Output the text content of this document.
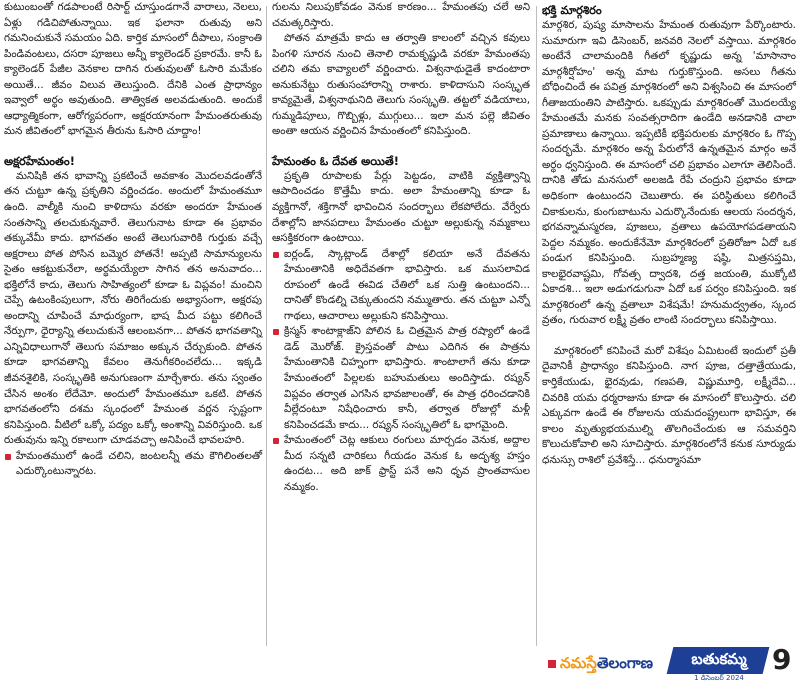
కుటుంబంతో గడపాలంటే రిసార్ట్ చూస్తుండగానే వారాలు, నెలలు, ఏళ్లు గడిచిపోతున్నాయి. ఇక ఫలానా రుతువు అని గమనించుకునే సమయం ఏది. కార్తిక మాసంలో దీపాలు, సంక్రాంతి పిండివంటలు, దసరా పూజలు అన్నీ క్యాలెండర్ ప్రకారమే. కానీ ఓ క్యాలెండర్ పేజీల వెనకాల దాగిన రుతువులతో ఓసారి మమేకం అయితే... జీవం విలువ తెలుస్తుంది. దేనికి ఎంత ప్రాధాన్యం ఇవ్వాలో అర్థం అవుతుంది. తాత్వికత అలవడుతుంది. అందుకే ఆధ్యాత్మికంగా, ఆరోగ్యపరంగా, అక్షరయానంగా హేమంతరుతువు మన జీవితంలో భాగమైన తీరును ఓసారి చూద్దాం!

అక్షరహేమంతం!

మనిషికి తన భావాన్ని ప్రకటించే అవకాశం మొదలవడంతోనే తన చుట్టూ ఉన్న ప్రకృతిని వర్ణించడం. అందులో హేమంతమూ ఉంది. వాల్మీకి నుంచి కాళిదాసు వరకూ అందరూ హేమంత సంతసాన్ని తలచుకున్నవారే. తెలుగునాట కూడా ఈ ప్రభావం తక్కువేమీ కాదు. భాగవతం అంటే తెలుగువారికి గుర్తుకు వచ్చే అక్షరాలు పోత పోసిన బమ్మెర పోతనే! అప్పటి సామాన్యులను సైతం ఆకట్టుకునేలా, అర్థమయ్యేలా సాగిన తన అనువాదం... భక్తిలోనే కాదు, తెలుగు సాహిత్యంలో కూడా ఓ విప్లవం! మంచిని చెప్పే ఉటంకింపులుగా, నోరు తిరిగేందుకు అభ్యాసంగా, అక్షరపు అందాన్ని చూపించే మాధుర్యంగా, భాష మీద పట్టు కలిగించే నేర్పుగా, ధైర్యాన్ని తలుచుకునే ఆలంబనగా... పోతన భాగవతాన్ని ఎన్నివిధాలుగానో తెలుగు సమాజం అక్కున చేర్చుకుంది. పోతన కూడా భాగవతాన్ని కేవలం తెనుగీకరించలేదు... ఇక్కడి జీవనశైలికి, సంస్కృతికి అనుగుణంగా మార్చేశారు. తను స్వంతం చేసిన అంశం లేదేమో. అందులో హేమంతమూ ఒకటి. పోతన భాగవతంలోని దశమ స్కంధంలో హేమంత వర్ణన స్పష్టంగా కనిపిస్తుంది. వీటిలో ఒక్కో పద్యం ఒక్కో అంశాన్ని వివరిస్తుంది. ఒక రుతువును ఇన్ని రకాలుగా చూడవచ్చా అనిపించే భావలహరి.

హేమంతములో ఉండే చలిని, జంటలన్నీ తమ కౌగిలింతలతో ఎదుర్కొంటున్నారట.

గులను నిలుపుకోవడం వెనుక కారణం... హేమంతపు చలే అని చమత్కరిస్తారు.

పోతన మాత్రమే కాదు ఆ తర్వాతి కాలంలో వచ్చిన కవులు పింగళి సూరన నుంచి తెనాలి రామకృష్ణుడి వరకూ హేమంతపు చలిని తమ కావ్యాలలో వర్ణించారు. విశ్వనాథుడైతే కాదంటారా అనుకునేట్టు రుతుసంహారాన్ని రాశారు. కాళిదాసుని సంస్కృత కావ్యమైతే, విశ్వనాథునిది తెలుగు సంస్కృతి. తట్టలో వడియాలు, గుమ్మడిపూలు, గొబ్బిళ్లు, ముగ్గులు... ఇలా మన పల్లె జీవితం అంతా ఆయన వర్ణించిన హేమంతంలో కనిపిస్తుంది.

హేమంతం ఓ దేవత అయితే!

ప్రకృతి రూపాలకు పేర్లు పెట్టడం, వాటికి వ్యక్తిత్వాన్ని ఆపాదించడం కొత్తేమీ కాదు. అలా హేమంతాన్ని కూడా ఓ వ్యక్తిగానో, శక్తిగానో భావించిన సందర్భాలు లేకపోలేదు. వేర్వేరు దేశాల్లోని జానపదాలు హేమంతం చుట్టూ అల్లుకున్న నమ్మకాలు ఆసక్తికరంగా ఉంటాయి.

ఐర్లండ్, స్కాట్లాండ్ దేశాల్లో కలియా అనే దేవతను హేమంతానికి అధిదేవతగా భావిస్తారు. ఒక ముసలావిడ రూపంలో ఉండే ఈవిడ చేతిలో ఒక సుత్తి ఉంటుందని... దానితో కొండల్ని చెక్కుతుందని నమ్ముతారు. తన చుట్టూ ఎన్నో గాథలు, ఆచారాలు అల్లుకుని కనిపిస్తాయి.
క్రిస్మస్ శాంటాక్లాజ్‌ని పోలిన ఓ చిత్రమైన పాత్ర రష్యాలో ఉండే డెడ్ మొరోజ్. క్రైస్తవంతో పాటు ఎదిగిన ఈ పాత్రను హేమంతానికి చిహ్నంగా భావిస్తారు. శాంటాలాగే తను కూడా హేమంతంలో పిల్లలకు బహుమతులు అందిస్తాడు. రష్యన్ విప్లవం తర్వాత ఎగసిన భావజాలంతో, ఈ పాత్ర ధరించడానికి వీల్లేదంటూ నిషేధించారు కానీ, తర్వాత రోజుల్లో మళ్లీ కనిపించడమే కాదు... రష్యన్ సంస్కృతిలో ఓ భాగమైంది.
హేమంతంలో చెట్ల ఆకులు రంగులు మార్చడం వెనుక, అద్దాల మీద సన్నటి చారికలు గీయడం వెనుక ఓ అదృశ్య హస్తం ఉందట... అది జాక్ ఫ్రాస్ట్ పనే అని ధృవ ప్రాంతవాసుల నమ్మకం.
భక్తి మార్గశిరం

మార్గశిర, పుష్య మాసాలను హేమంత రుతువుగా పేర్కొంటారు. సుమారుగా ఇవి డిసెంబర్, జనవరి నెలలో వస్తాయి. మార్గశిరం అంటేనే చాలామందికి గీతలో కృష్ణుడు అన్న 'మాసానాం మార్గశీర్షోహం' అన్న మాట గుర్తుకొస్తుంది. అసలు గీతను బోధించిందే ఈ పవిత్ర మార్గశిరంలో అని విశ్వసించి ఈ మాసంలో గీతాజయంతిని పాటిస్తారు. ఒకప్పుడు మార్గశిరంతో మొదలయ్యే హేమంతమే మనకు సంవత్సరాదిగా ఉండేది అనడానికి చాలా ప్రమాణాలు ఉన్నాయి. ఇప్పటికీ భక్తిపరులకు మార్గశిరం ఓ గొప్ప సందర్భమే. మార్గశిరం అన్న పేరులోనే ఉన్నతమైన మార్గం అనే అర్థం ధ్వనిస్తుంది. ఈ మాసంలో చలి ప్రభావం ఎలాగూ తెలిసిందే. దానికి తోడు మనసులో అలజడి రేపే చంద్రుని ప్రభావం కూడా అధికంగా ఉంటుందని చెబుతారు. ఈ పరిస్థితులు కలిగించే చికాకులను, కుంగుబాటును ఎదుర్కొనేందుకు ఆలయ సందర్శన, భగవన్నామస్మరణ, పూజలు, వ్రతాలు ఉపయోగపడతాయని పెద్దల నమ్మకం. అందుకేనేమో మార్గశిరంలో ప్రతిరోజూ ఏదో ఒక పండుగ కనిపిస్తుంది. సుబ్రహ్మణ్య షష్ఠి, మిత్రసప్తమి, కాలభైరవాష్టమి, గోవత్స ద్వాదశి, దత్త జయంతి, ముక్కోటి ఏకాదశి... ఇలా అడుగడుగునా ఏదో ఒక పర్వం కనిపిస్తుంది. ఇక మార్గశిరంలో ఉన్న వ్రతాలూ విశేషమే! హనుమద్వ్రతం, స్కంద వ్రతం, గురువార లక్ష్మీ వ్రతం లాంటి సందర్భాలు కనిపిస్తాయి.

మార్గశిరంలో కనిపించే మరో విశేషం ఏమిటంటే ఇందులో ప్రతీ దైవానికీ ప్రాధాన్యం కనిపిస్తుంది. నాగ పూజ, దత్తాత్రేయుడు, కార్తికేయుడు, భైరవుడు, గణపతి, విష్ణుమూర్తి, లక్ష్మీదేవి... చివరికి యమ ధర్మరాజును కూడా ఈ మాసంలో కొలుస్తారు. చలి ఎక్కువగా ఉండే ఈ రోజులను యమదంష్ట్రలుగా భావిస్తూ, ఈ కాలం మృత్యుభయముల్ని తొలగించేందుకు ఆ సమవర్తిని కొలుచుకోవాలి అని సూచిస్తారు. మార్గశిరంలోనే కనుక సూర్యుడు ధనుస్సు రాశిలో ప్రవేశిస్తే... ధనుర్మాసమా

నమస్తేతెలంగాణ	బతుకమ్మ
1 డిసెంబర్ 2024
9
